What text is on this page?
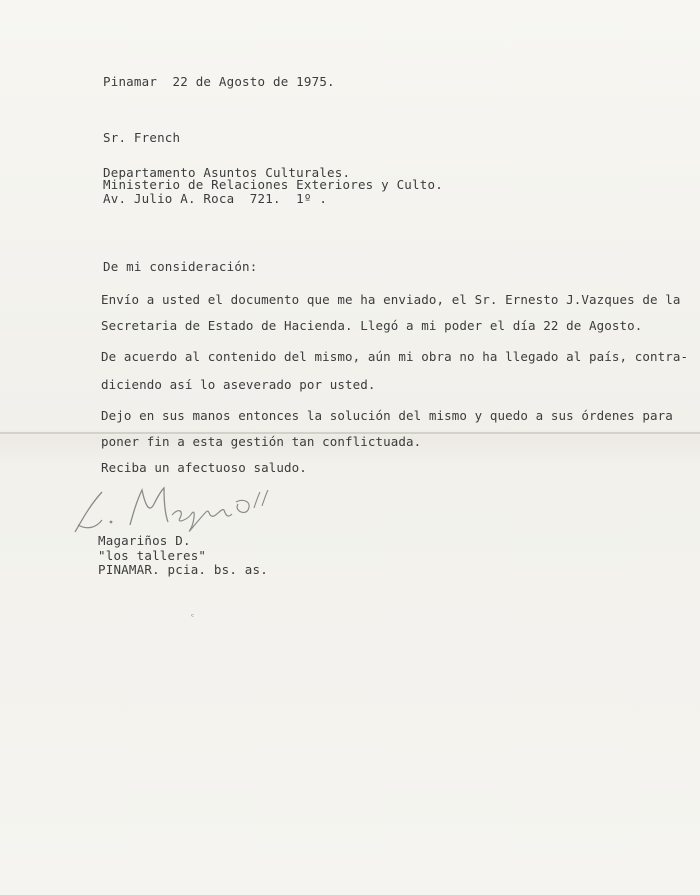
Pinamar  22 de Agosto de 1975.
Sr. French
Departamento Asuntos Culturales.
Ministerio de Relaciones Exteriores y Culto.
Av. Julio A. Roca  721.  1º .
De mi consideración:
Envío a usted el documento que me ha enviado, el Sr. Ernesto J.Vazques de la
Secretaria de Estado de Hacienda. Llegó a mi poder el día 22 de Agosto.
De acuerdo al contenido del mismo, aún mi obra no ha llegado al país, contra-
diciendo así lo aseverado por usted.
Dejo en sus manos entonces la solución del mismo y quedo a sus órdenes para
poner fin a esta gestión tan conflictuada.
Reciba un afectuoso saludo.
Magariños D.
"los talleres"
PINAMAR. pcia. bs. as.
ᶜ
